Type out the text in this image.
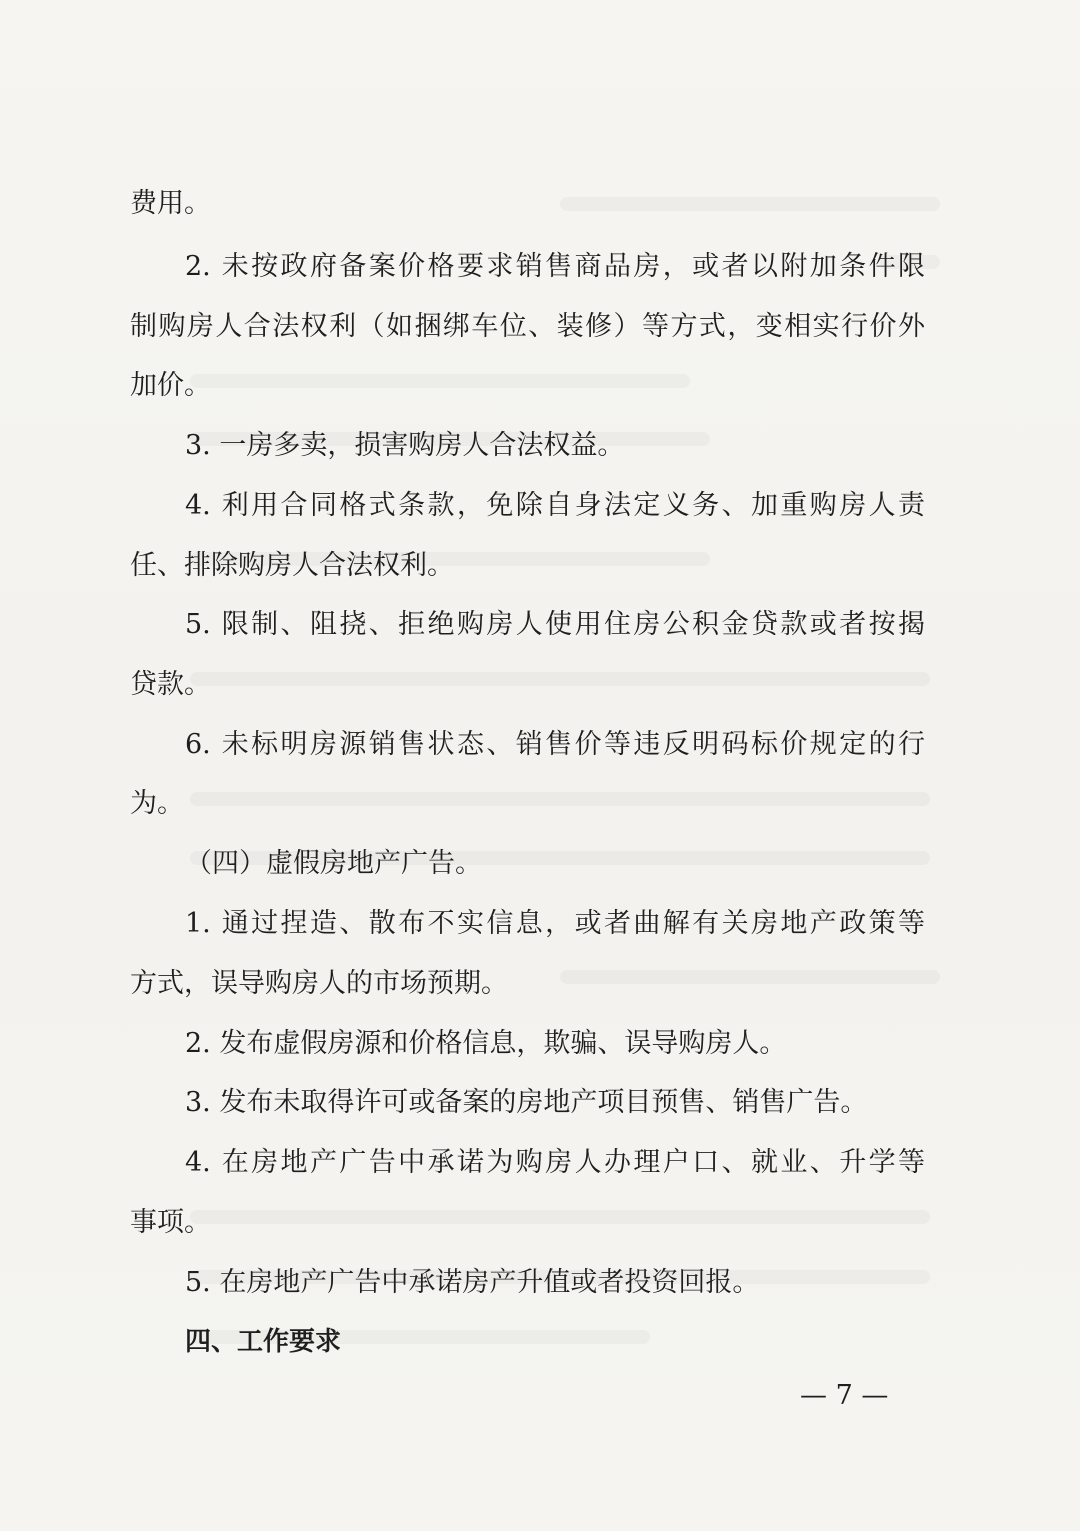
费用。
2. 未按政府备案价格要求销售商品房，或者以附加条件限
制购房人合法权利（如捆绑车位、装修）等方式，变相实行价外
加价。
3. 一房多卖，损害购房人合法权益。
4. 利用合同格式条款，免除自身法定义务、加重购房人责
任、排除购房人合法权利。
5. 限制、阻挠、拒绝购房人使用住房公积金贷款或者按揭
贷款。
6. 未标明房源销售状态、销售价等违反明码标价规定的行
为。
（四）虚假房地产广告。
1. 通过捏造、散布不实信息，或者曲解有关房地产政策等
方式，误导购房人的市场预期。
2. 发布虚假房源和价格信息，欺骗、误导购房人。
3. 发布未取得许可或备案的房地产项目预售、销售广告。
4. 在房地产广告中承诺为购房人办理户口、就业、升学等
事项。
5. 在房地产广告中承诺房产升值或者投资回报。
四、工作要求
— 7 —
